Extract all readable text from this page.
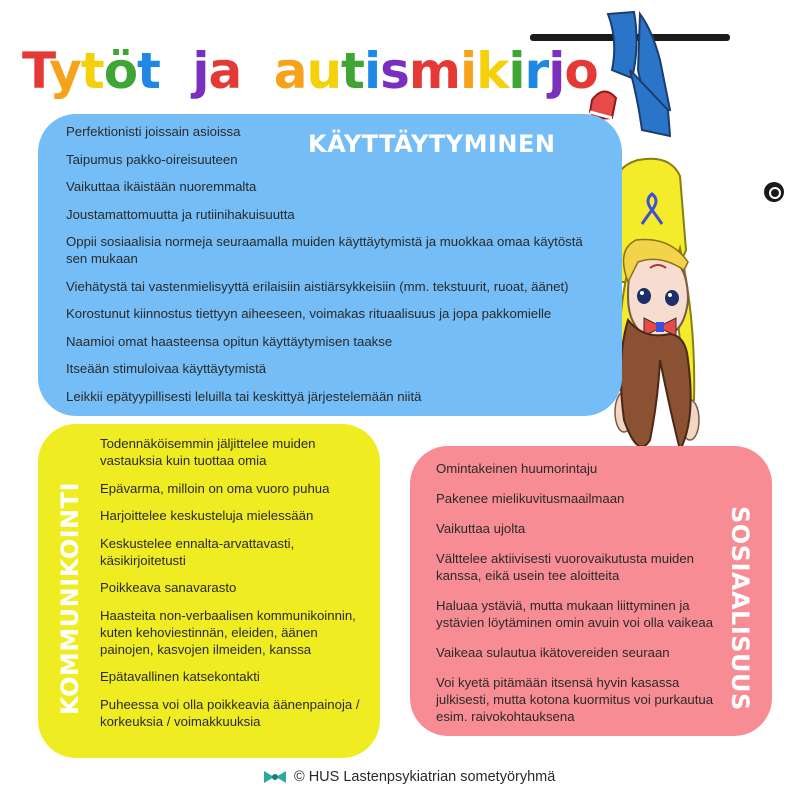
Tytöt ja autismikirjo
KÄYTTÄYTYMINEN
Perfektionisti joissain asioissa
Taipumus pakko-oireisuuteen
Vaikuttaa ikäistään nuoremmalta
Joustamattomuutta ja rutiinihakuisuutta
Oppii sosiaalisia normeja seuraamalla muiden käyttäytymistä ja muokkaa omaa käytöstä sen mukaan
Viehätystä tai vastenmielisyyttä erilaisiin aistiärsykkeisiin (mm. tekstuurit, ruoat, äänet)
Korostunut kiinnostus tiettyyn aiheeseen, voimakas rituaalisuus ja jopa pakkomielle
Naamioi omat haasteensa opitun käyttäytymisen taakse
Itseään stimuloivaa käyttäytymistä
Leikkii epätyypillisesti leluilla tai keskittyä järjestelemään niitä
KOMMUNIKOINTI
Todennäköisemmin jäljittelee muiden vastauksia kuin tuottaa omia
Epävarma, milloin on oma vuoro puhua
Harjoittelee keskusteluja mielessään
Keskustelee ennalta-arvattavasti, käsikirjoitetusti
Poikkeava sanavarasto
Haasteita non-verbaalisen kommunikoinnin, kuten kehoviestinnän, eleiden, äänen painojen, kasvojen ilmeiden, kanssa
Epätavallinen katsekontakti
Puheessa voi olla poikkeavia äänenpainoja / korkeuksia / voimakkuuksia
Omintakeinen huumorintaju
Pakenee mielikuvitusmaailmaan
Vaikuttaa ujolta
Välttelee aktiivisesti vuorovaikutusta muiden kanssa, eikä usein tee aloitteita
Haluaa ystäviä, mutta mukaan liittyminen ja ystävien löytäminen omin avuin voi olla vaikeaa
Vaikeaa sulautua ikätovereiden seuraan
Voi kyetä pitämään itsensä hyvin kasassa julkisesti, mutta kotona kuormitus voi purkautua esim. raivokohtauksena
SOSIAALISUUS
© HUS Lastenpsykiatrian sometyöryhmä
